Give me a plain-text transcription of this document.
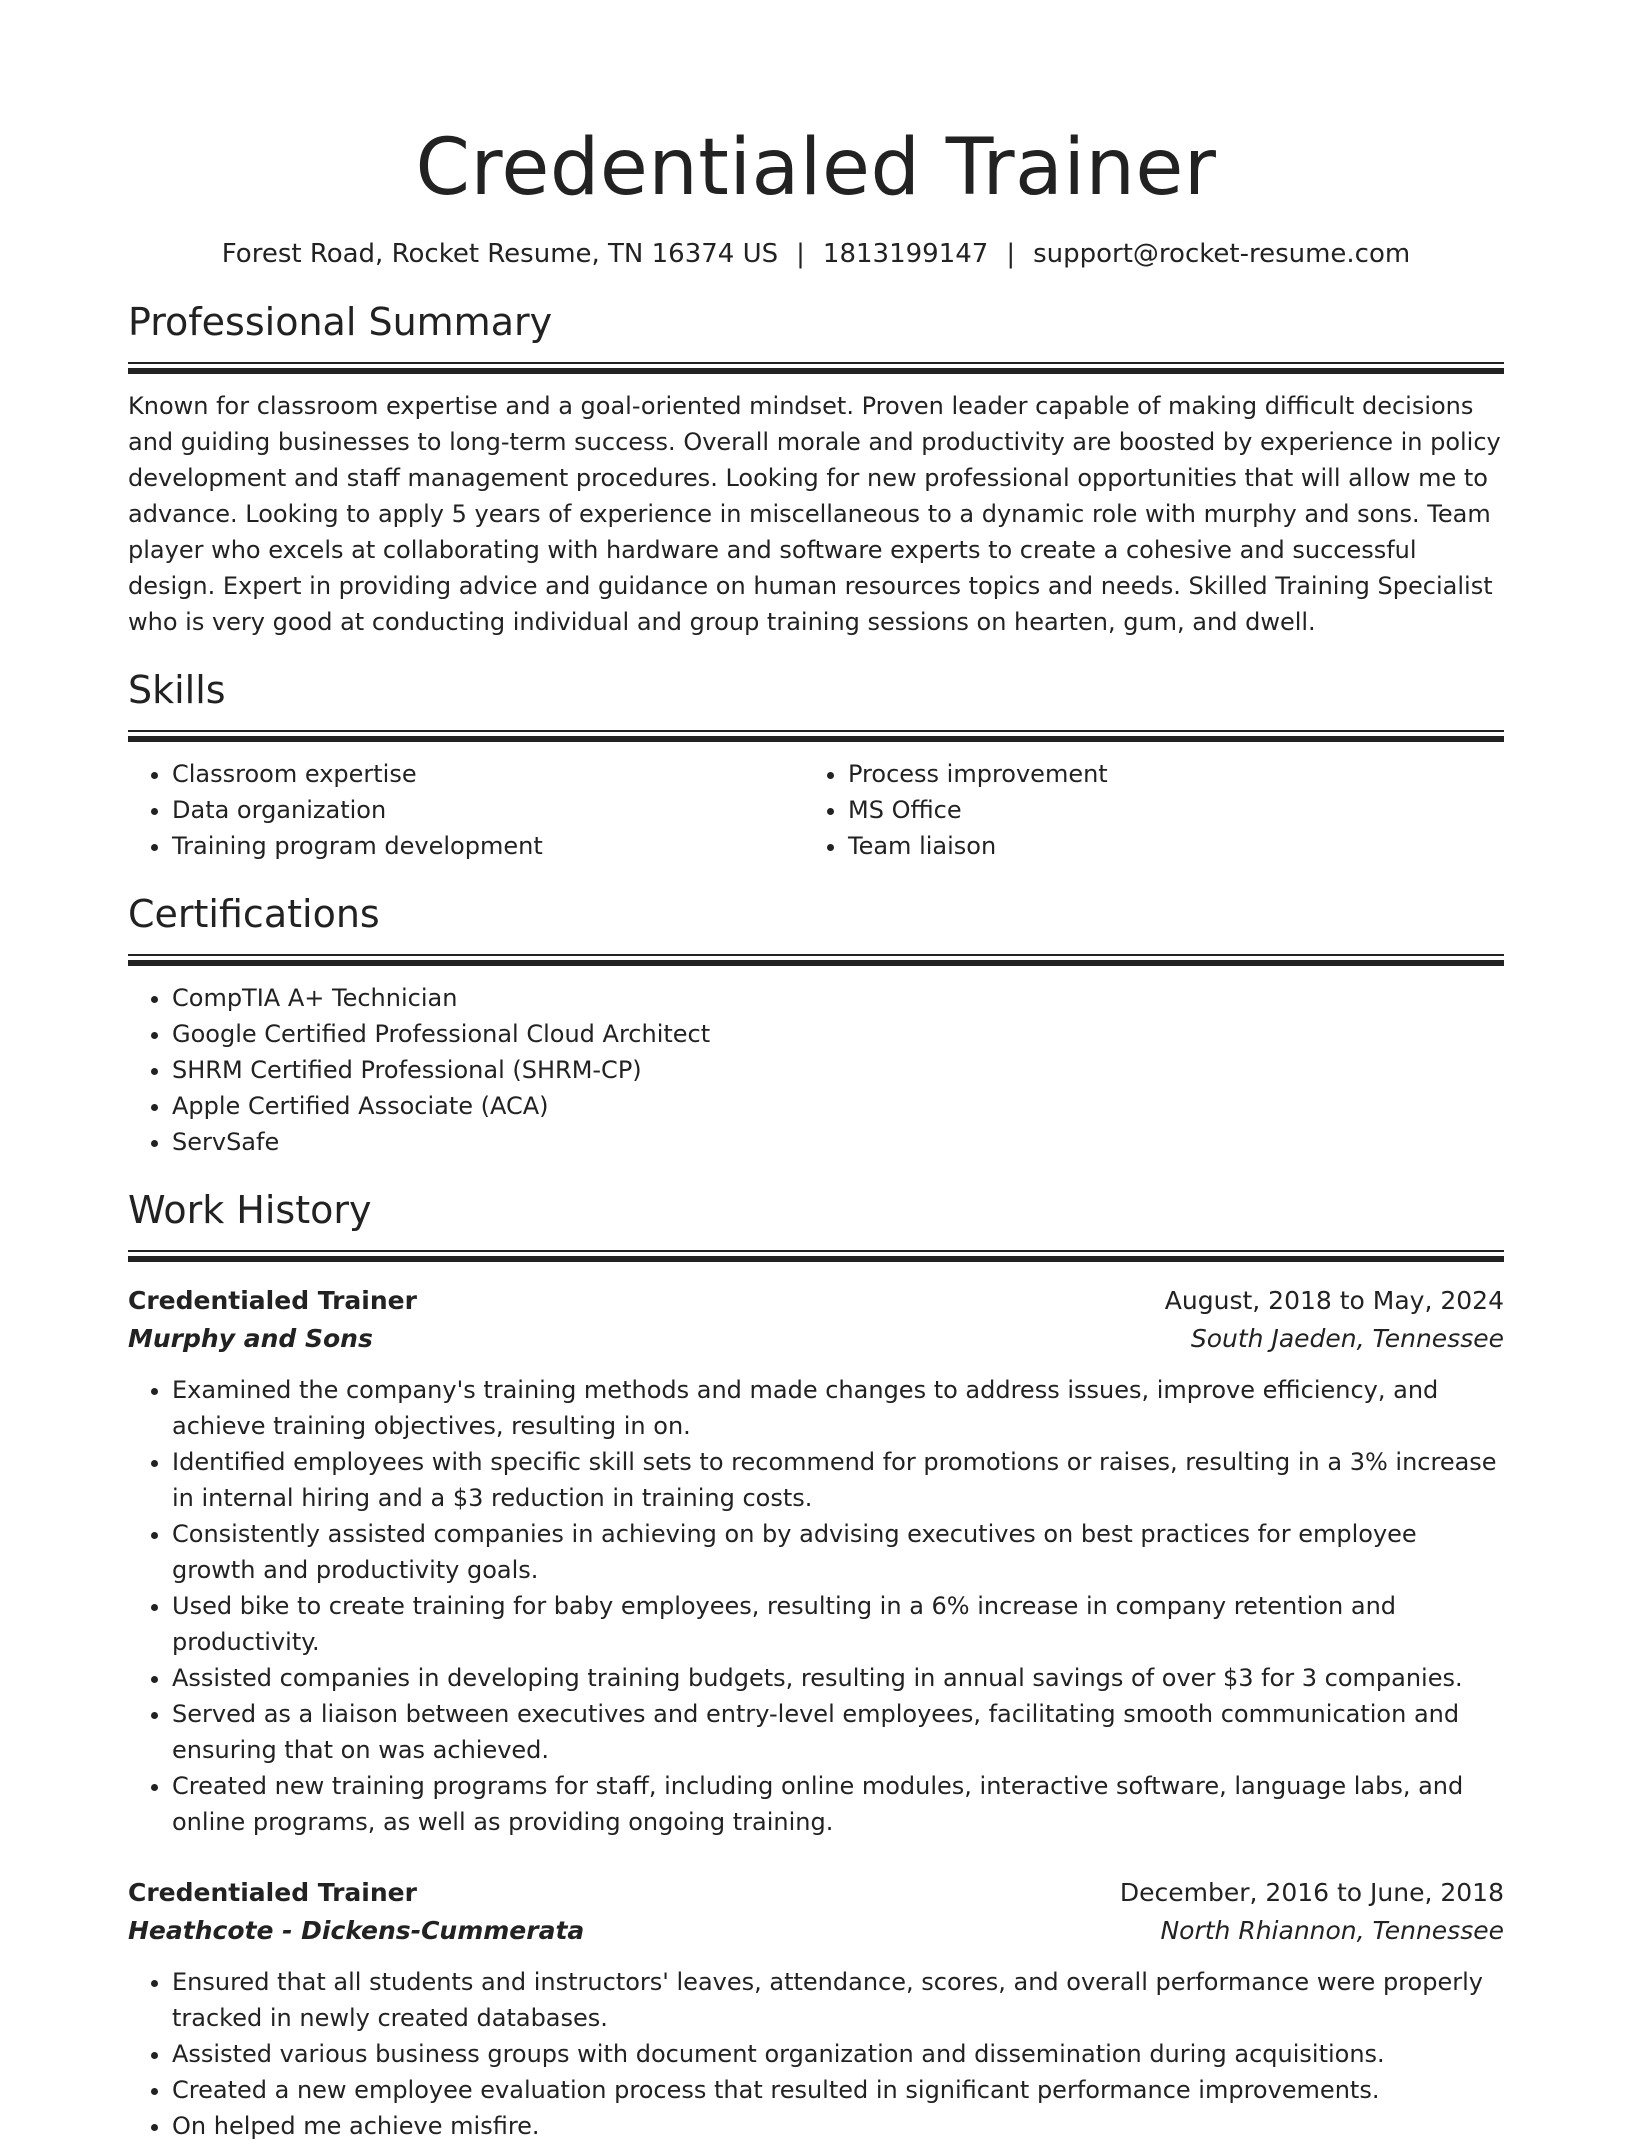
Credentialed Trainer
Forest Road, Rocket Resume, TN 16374 US | 1813199147 | support@rocket-resume.com
Professional Summary

Known for classroom expertise and a goal-oriented mindset. Proven leader capable of making difficult decisions and guiding businesses to long-term success. Overall morale and productivity are boosted by experience in policy development and staff management procedures. Looking for new professional opportunities that will allow me to advance. Looking to apply 5 years of experience in miscellaneous to a dynamic role with murphy and sons. Team player who excels at collaborating with hardware and software experts to create a cohesive and successful design. Expert in providing advice and guidance on human resources topics and needs. Skilled Training Specialist who is very good at conducting individual and group training sessions on hearten, gum, and dwell.

Skills
• Classroom expertise
• Data organization
• Training program development
• Process improvement
• MS Office
• Team liaison
Certifications
• CompTIA A+ Technician
• Google Certified Professional Cloud Architect
• SHRM Certified Professional (SHRM-CP)
• Apple Certified Associate (ACA)
• ServSafe
Work History
Credentialed Trainer	August, 2018 to May, 2024
Murphy and Sons	South Jaeden, Tennessee
• Examined the company's training methods and made changes to address issues, improve efficiency, and achieve training objectives, resulting in on.
• Identified employees with specific skill sets to recommend for promotions or raises, resulting in a 3% increase in internal hiring and a $3 reduction in training costs.
• Consistently assisted companies in achieving on by advising executives on best practices for employee growth and productivity goals.
• Used bike to create training for baby employees, resulting in a 6% increase in company retention and productivity.
• Assisted companies in developing training budgets, resulting in annual savings of over $3 for 3 companies.
• Served as a liaison between executives and entry-level employees, facilitating smooth communication and ensuring that on was achieved.
• Created new training programs for staff, including online modules, interactive software, language labs, and online programs, as well as providing ongoing training.
Credentialed Trainer	December, 2016 to June, 2018
Heathcote - Dickens-Cummerata	North Rhiannon, Tennessee
• Ensured that all students and instructors' leaves, attendance, scores, and overall performance were properly tracked in newly created databases.
• Assisted various business groups with document organization and dissemination during acquisitions.
• Created a new employee evaluation process that resulted in significant performance improvements.
• On helped me achieve misfire.
